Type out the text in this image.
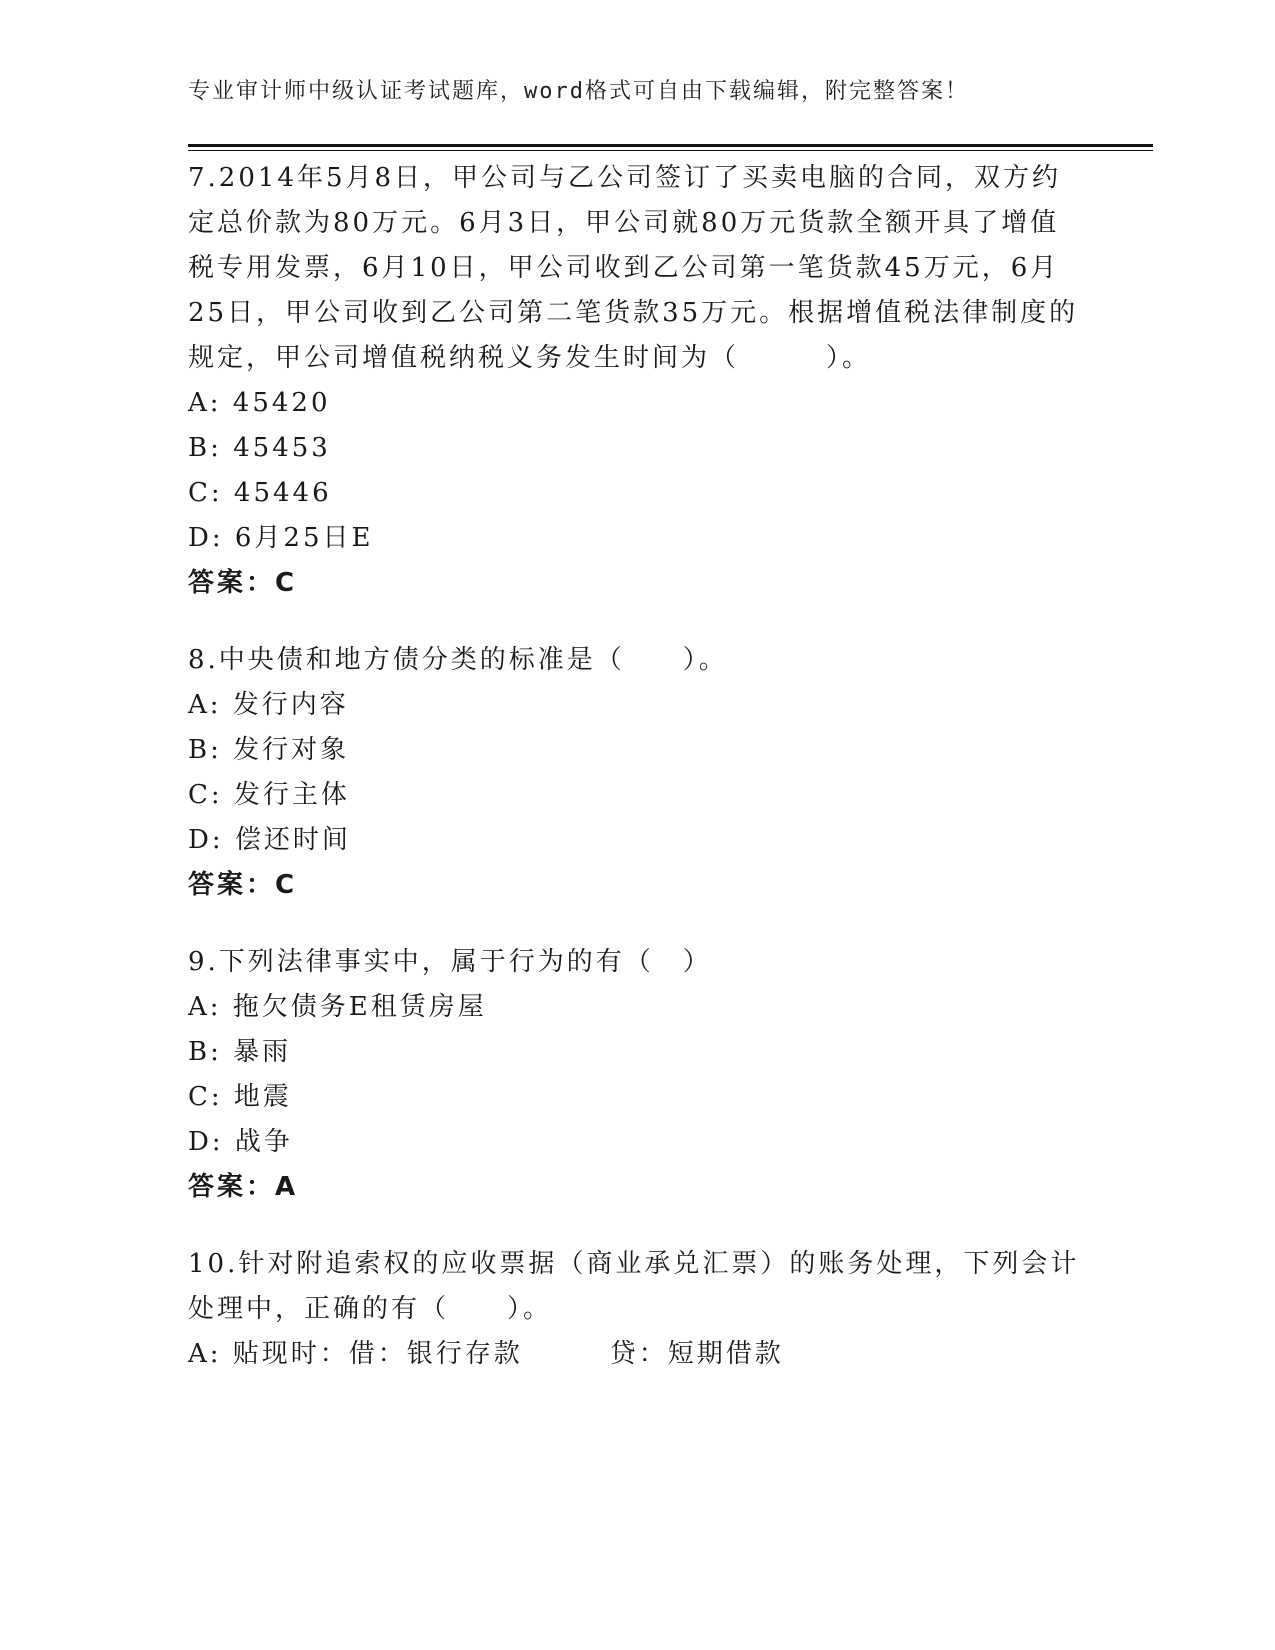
专业审计师中级认证考试题库，word格式可自由下载编辑，附完整答案！

7.2014年5月8日，甲公司与乙公司签订了买卖电脑的合同，双方约定总价款为80万元。6月3日，甲公司就80万元货款全额开具了增值税专用发票，6月10日，甲公司收到乙公司第一笔货款45万元，6月25日，甲公司收到乙公司第二笔货款35万元。根据增值税法律制度的规定，甲公司增值税纳税义务发生时间为（　　　）。

A: 45420

B: 45453

C: 45446

D: 6月25日E

答案：C

8.中央债和地方债分类的标准是（　　）。

A: 发行内容

B: 发行对象

C: 发行主体

D: 偿还时间

答案：C

9.下列法律事实中，属于行为的有（　）

A: 拖欠债务E租赁房屋

B: 暴雨

C: 地震

D: 战争

答案：A

10.针对附追索权的应收票据（商业承兑汇票）的账务处理，下列会计处理中，正确的有（　　）。

A: 贴现时：借：银行存款　　　贷：短期借款
